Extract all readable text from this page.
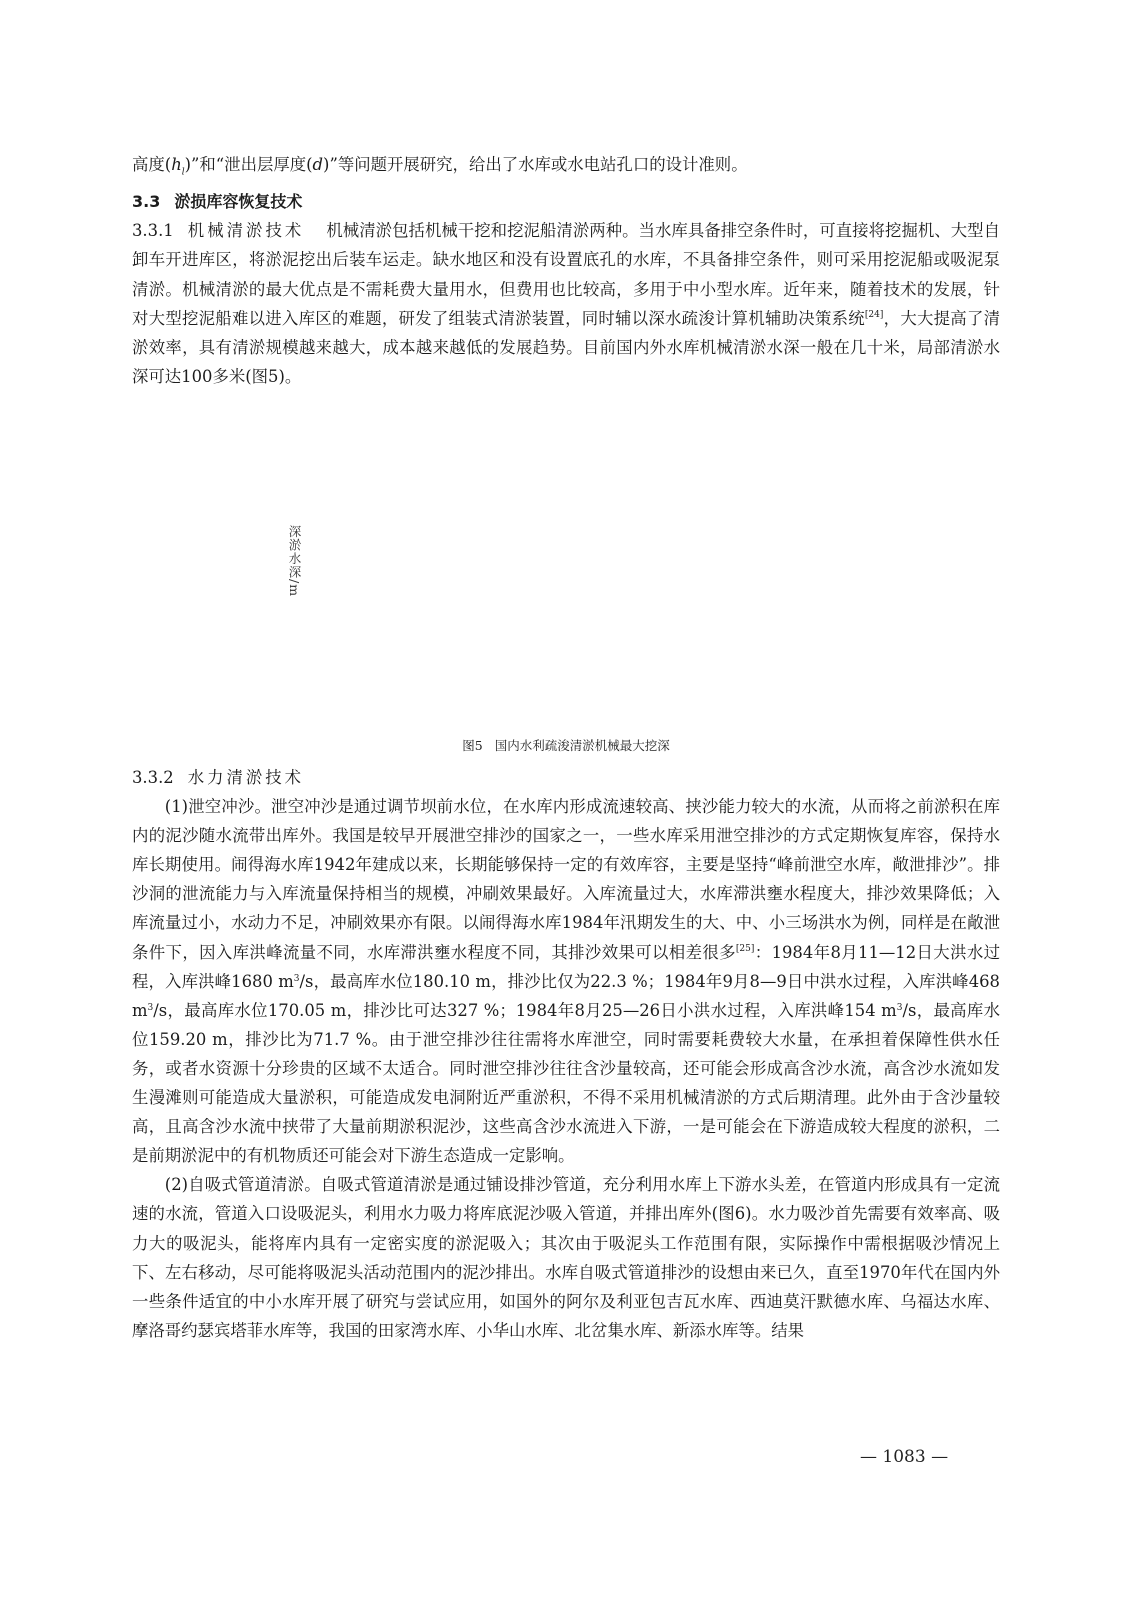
高度$(h_l)$”和“泄出层厚度(d)”等问题开展研究，给出了水库或水电站孔口的设计准则。

3.3 淤损库容恢复技术

3.3.1 机械清淤技术 机械清淤包括机械干挖和挖泥船清淤两种。当水库具备排空条件时，可直接将挖掘机、大型自卸车开进库区，将淤泥挖出后装车运走。缺水地区和没有设置底孔的水库，不具备排空条件，则可采用挖泥船或吸泥泵清淤。机械清淤的最大优点是不需耗费大量用水，但费用也比较高，多用于中小型水库。近年来，随着技术的发展，针对大型挖泥船难以进入库区的难题，研发了组装式清淤装置，同时辅以深水疏浚计算机辅助决策系统[24]，大大提高了清淤效率，具有清淤规模越来越大，成本越来越低的发展趋势。目前国内外水库机械清淤水深一般在几十米，局部清淤水深可达100多米(图5)。

深淤水深/m
图5 国内水利疏浚清淤机械最大挖深

3.3.2 水力清淤技术

(1)泄空冲沙。泄空冲沙是通过调节坝前水位，在水库内形成流速较高、挟沙能力较大的水流，从而将之前淤积在库内的泥沙随水流带出库外。我国是较早开展泄空排沙的国家之一，一些水库采用泄空排沙的方式定期恢复库容，保持水库长期使用。闹得海水库1942年建成以来，长期能够保持一定的有效库容，主要是坚持“峰前泄空水库，敞泄排沙”。排沙洞的泄流能力与入库流量保持相当的规模，冲刷效果最好。入库流量过大，水库滞洪壅水程度大，排沙效果降低；入库流量过小，水动力不足，冲刷效果亦有限。以闹得海水库1984年汛期发生的大、中、小三场洪水为例，同样是在敞泄条件下，因入库洪峰流量不同，水库滞洪壅水程度不同，其排沙效果可以相差很多[25]：1984年8月11—12日大洪水过程，入库洪峰1680 $m^3/s$，最高库水位180.10 m，排沙比仅为22.3 %；1984年9月8—9日中洪水过程，入库洪峰468 $m^3/s$，最高库水位170.05 m，排沙比可达327 %；1984年8月25—26日小洪水过程，入库洪峰154 $m^3/s$，最高库水位159.20 m，排沙比为71.7 %。由于泄空排沙往往需将水库泄空，同时需要耗费较大水量，在承担着保障性供水任务，或者水资源十分珍贵的区域不太适合。同时泄空排沙往往含沙量较高，还可能会形成高含沙水流，高含沙水流如发生漫滩则可能造成大量淤积，可能造成发电洞附近严重淤积，不得不采用机械清淤的方式后期清理。此外由于含沙量较高，且高含沙水流中挟带了大量前期淤积泥沙，这些高含沙水流进入下游，一是可能会在下游造成较大程度的淤积，二是前期淤泥中的有机物质还可能会对下游生态造成一定影响。

(2)自吸式管道清淤。自吸式管道清淤是通过铺设排沙管道，充分利用水库上下游水头差，在管道内形成具有一定流速的水流，管道入口设吸泥头，利用水力吸力将库底泥沙吸入管道，并排出库外(图6)。水力吸沙首先需要有效率高、吸力大的吸泥头，能将库内具有一定密实度的淤泥吸入；其次由于吸泥头工作范围有限，实际操作中需根据吸沙情况上下、左右移动，尽可能将吸泥头活动范围内的泥沙排出。水库自吸式管道排沙的设想由来已久，直至1970年代在国内外一些条件适宜的中小水库开展了研究与尝试应用，如国外的阿尔及利亚包吉瓦水库、西迪莫汗默德水库、乌福达水库、摩洛哥约瑟宾塔菲水库等，我国的田家湾水库、小华山水库、北岔集水库、新添水库等。结果

— 1083 —
